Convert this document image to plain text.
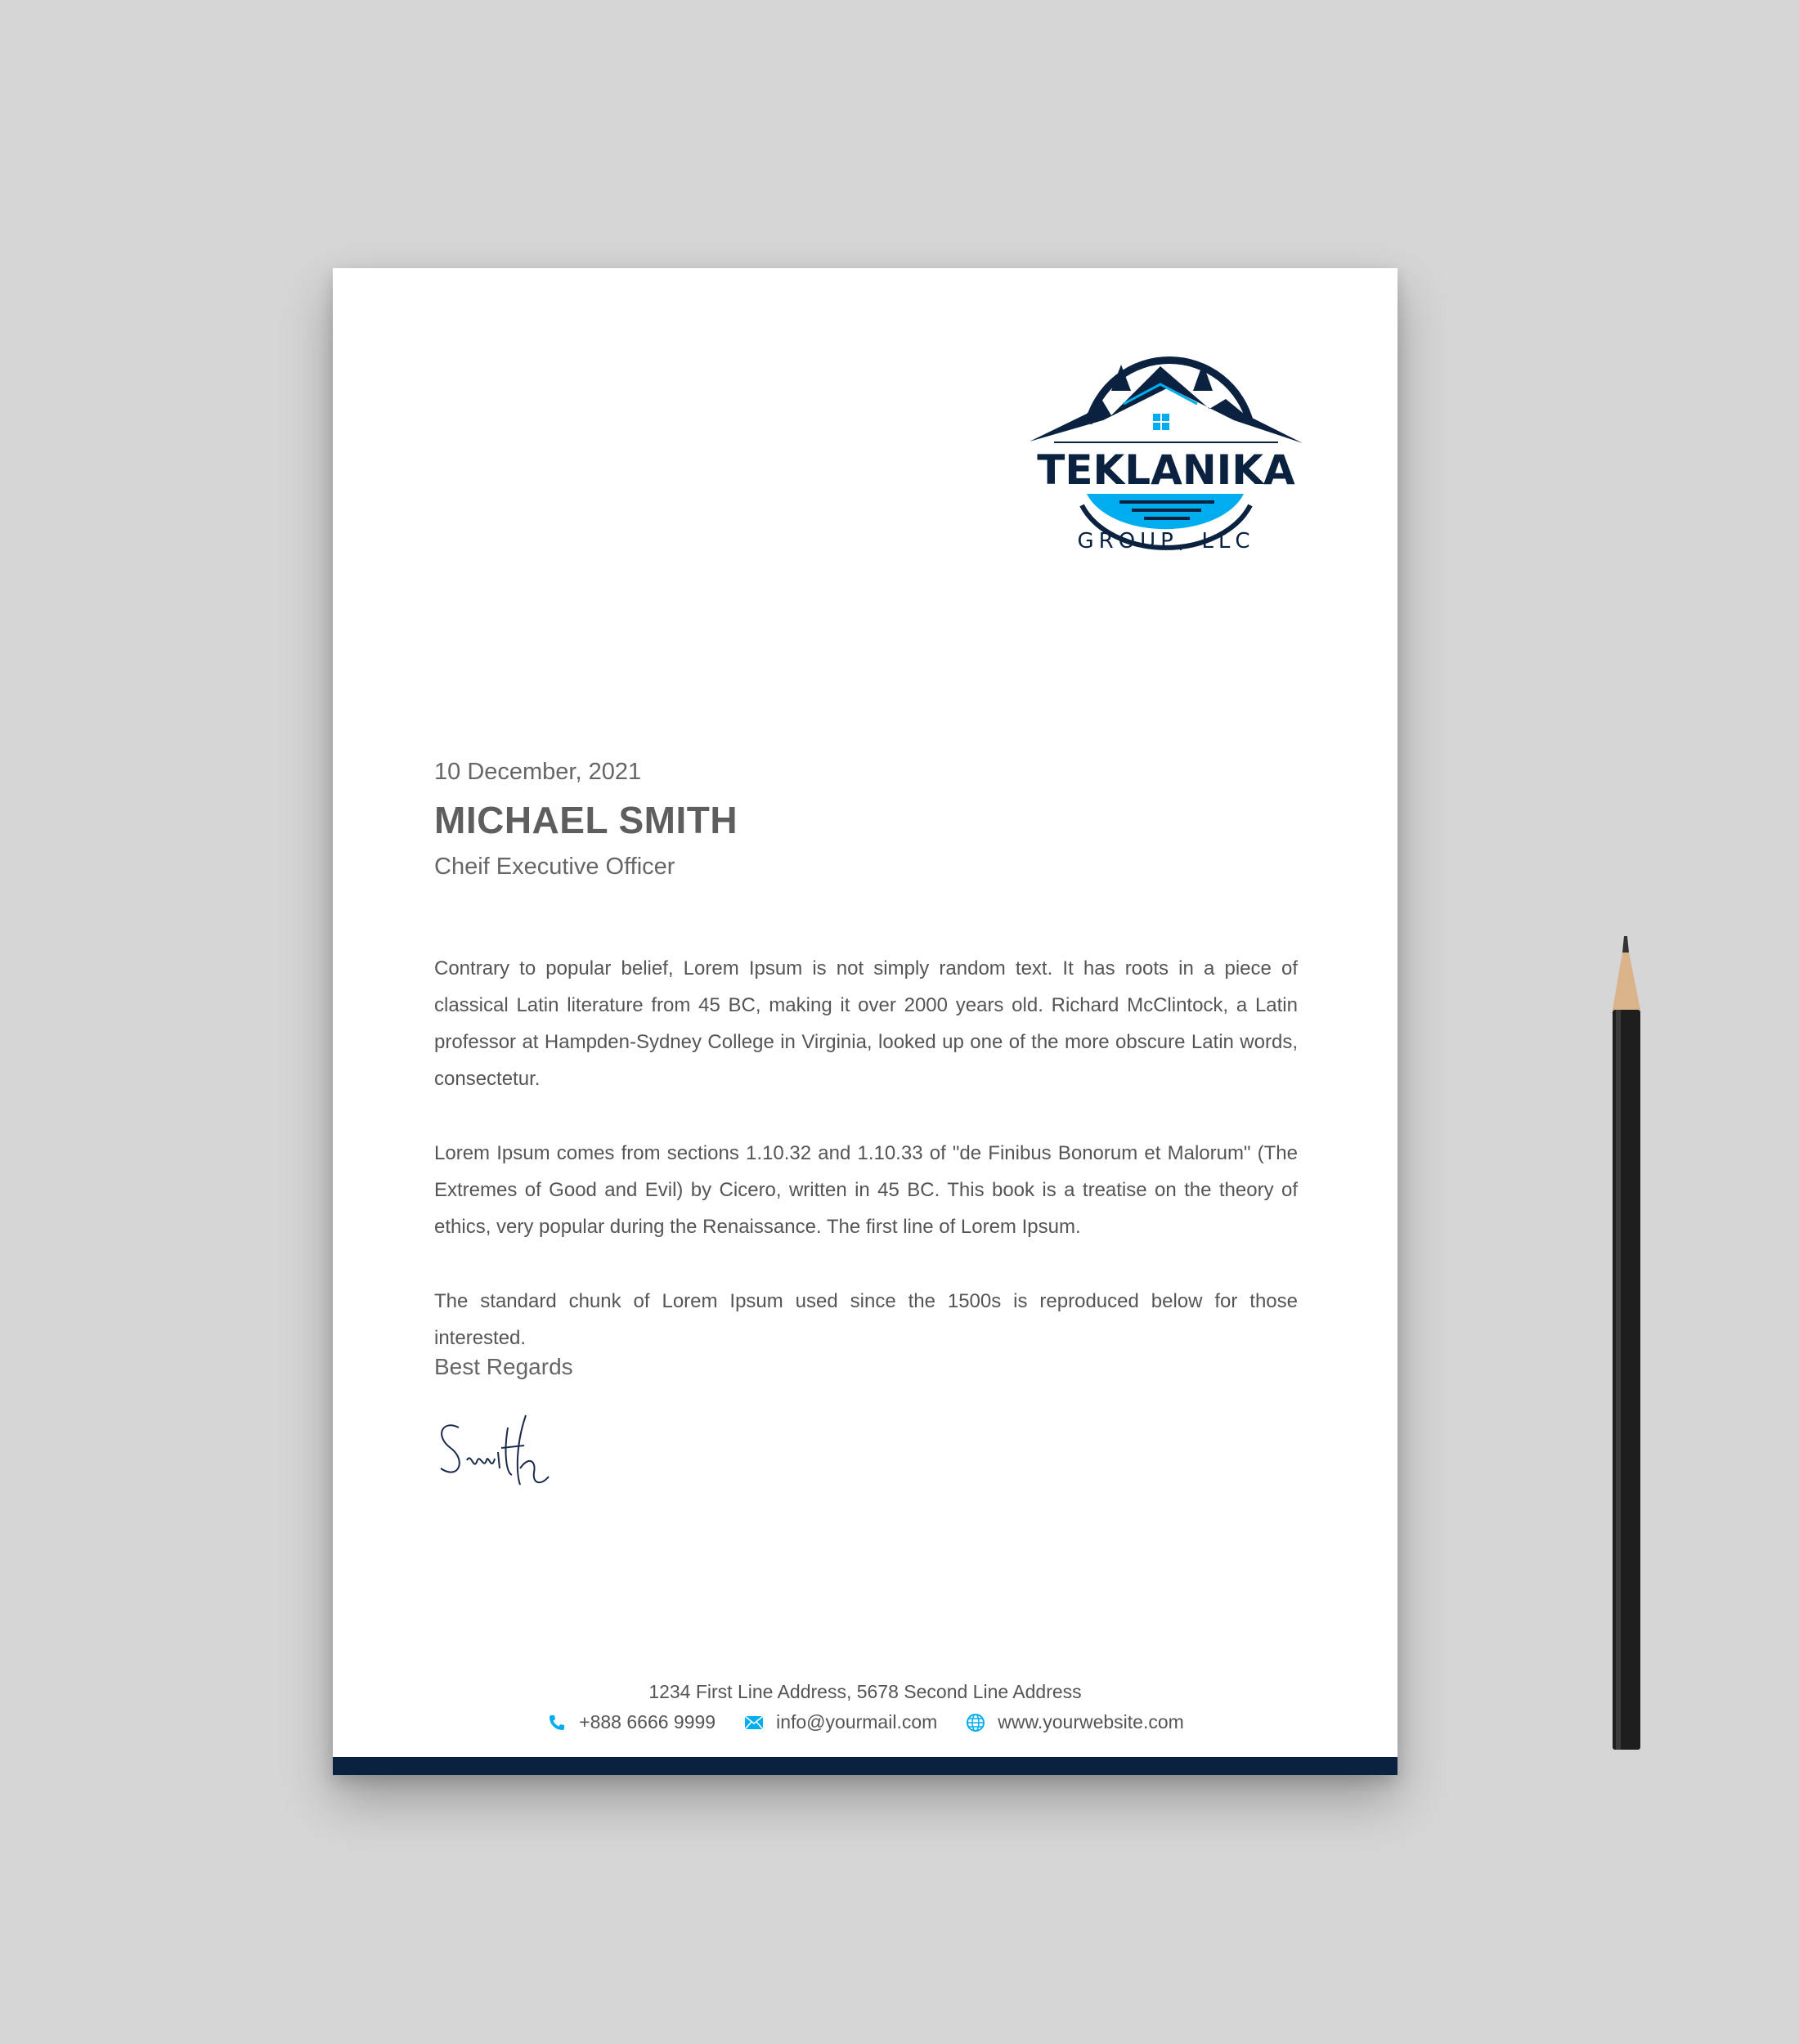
TEKLANIKA
GROUP, LLC
10 December, 2021
MICHAEL SMITH
Cheif Executive Officer

Contrary to popular belief, Lorem Ipsum is not simply random text. It has roots in a piece of classical Latin literature from 45 BC, making it over 2000 years old. Richard McClintock, a Latin professor at Hampden-Sydney College in Virginia, looked up one of the more obscure Latin words, consectetur.

Lorem Ipsum comes from sections 1.10.32 and 1.10.33 of "de Finibus Bonorum et Malorum" (The Extremes of Good and Evil) by Cicero, written in 45 BC. This book is a treatise on the theory of ethics, very popular during the Renaissance. The first line of Lorem Ipsum.

The standard chunk of Lorem Ipsum used since the 1500s is reproduced below for those interested.

Best Regards
1234 First Line Address, 5678 Second Line Address
+888 6666 9999	info@yourmail.com	www.yourwebsite.com
